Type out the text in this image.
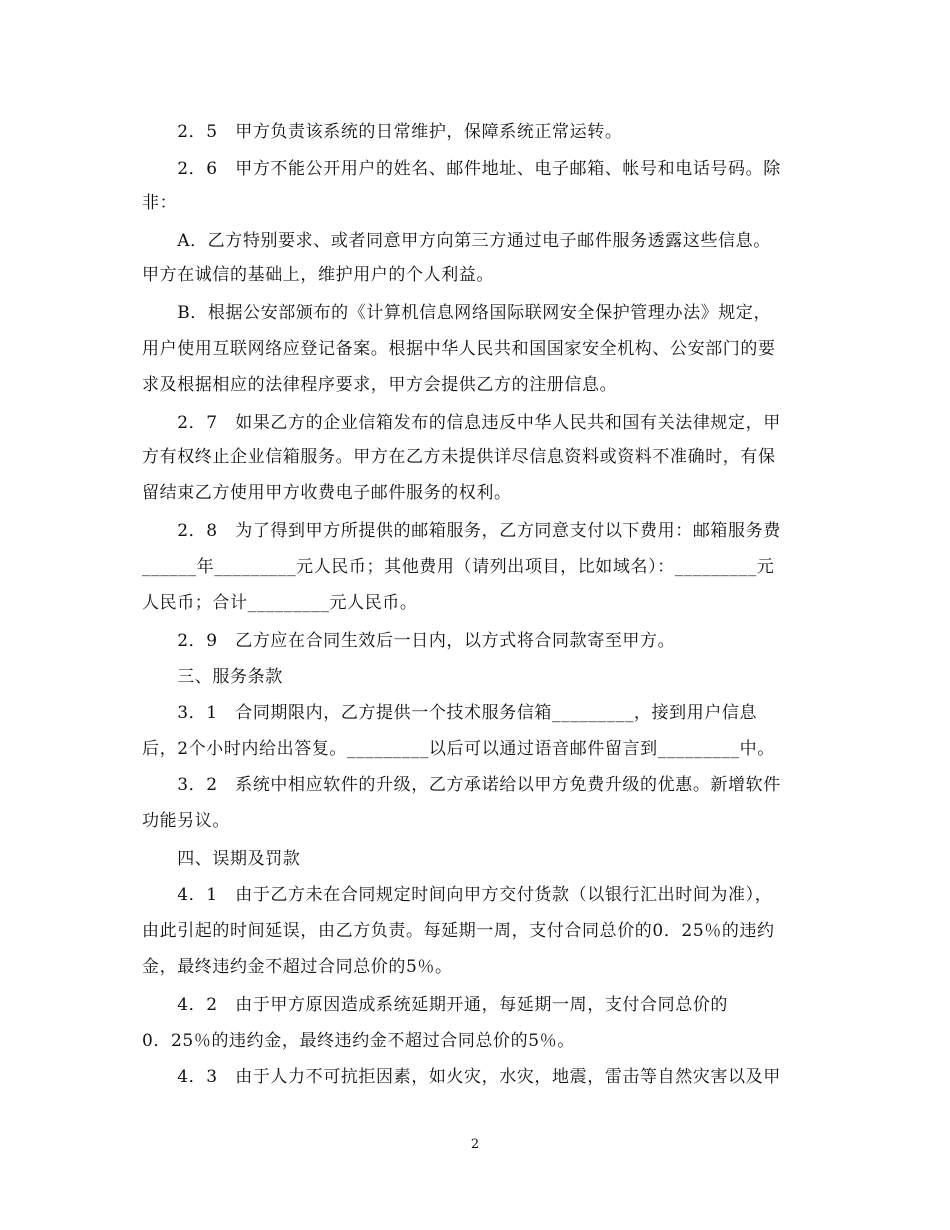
　　2．5　甲方负责该系统的日常维护，保障系统正常运转。
　　2．6　甲方不能公开用户的姓名、邮件地址、电子邮箱、帐号和电话号码。除
非：
　　A．乙方特别要求、或者同意甲方向第三方通过电子邮件服务透露这些信息。
甲方在诚信的基础上，维护用户的个人利益。
　　B．根据公安部颁布的《计算机信息网络国际联网安全保护管理办法》规定，
用户使用互联网络应登记备案。根据中华人民共和国国家安全机构、公安部门的要
求及根据相应的法律程序要求，甲方会提供乙方的注册信息。
　　2．7　如果乙方的企业信箱发布的信息违反中华人民共和国有关法律规定，甲
方有权终止企业信箱服务。甲方在乙方未提供详尽信息资料或资料不准确时，有保
留结束乙方使用甲方收费电子邮件服务的权利。
　　2．8　为了得到甲方所提供的邮箱服务，乙方同意支付以下费用：邮箱服务费
______年_________元人民币；其他费用（请列出项目，比如域名）：_________元
人民币；合计_________元人民币。
　　2．9　乙方应在合同生效后一日内，以方式将合同款寄至甲方。
　　三、服务条款
　　3．1　合同期限内，乙方提供一个技术服务信箱_________，接到用户信息
后，2个小时内给出答复。_________以后可以通过语音邮件留言到_________中。
　　3．2　系统中相应软件的升级，乙方承诺给以甲方免费升级的优惠。新增软件
功能另议。
　　四、误期及罚款
　　4．1　由于乙方未在合同规定时间向甲方交付货款（以银行汇出时间为准），
由此引起的时间延误，由乙方负责。每延期一周，支付合同总价的0．25％的违约
金，最终违约金不超过合同总价的5％。
　　4．2　由于甲方原因造成系统延期开通，每延期一周，支付合同总价的
0．25％的违约金，最终违约金不超过合同总价的5％。
　　4．3　由于人力不可抗拒因素，如火灾，水灾，地震，雷击等自然灾害以及甲
2
